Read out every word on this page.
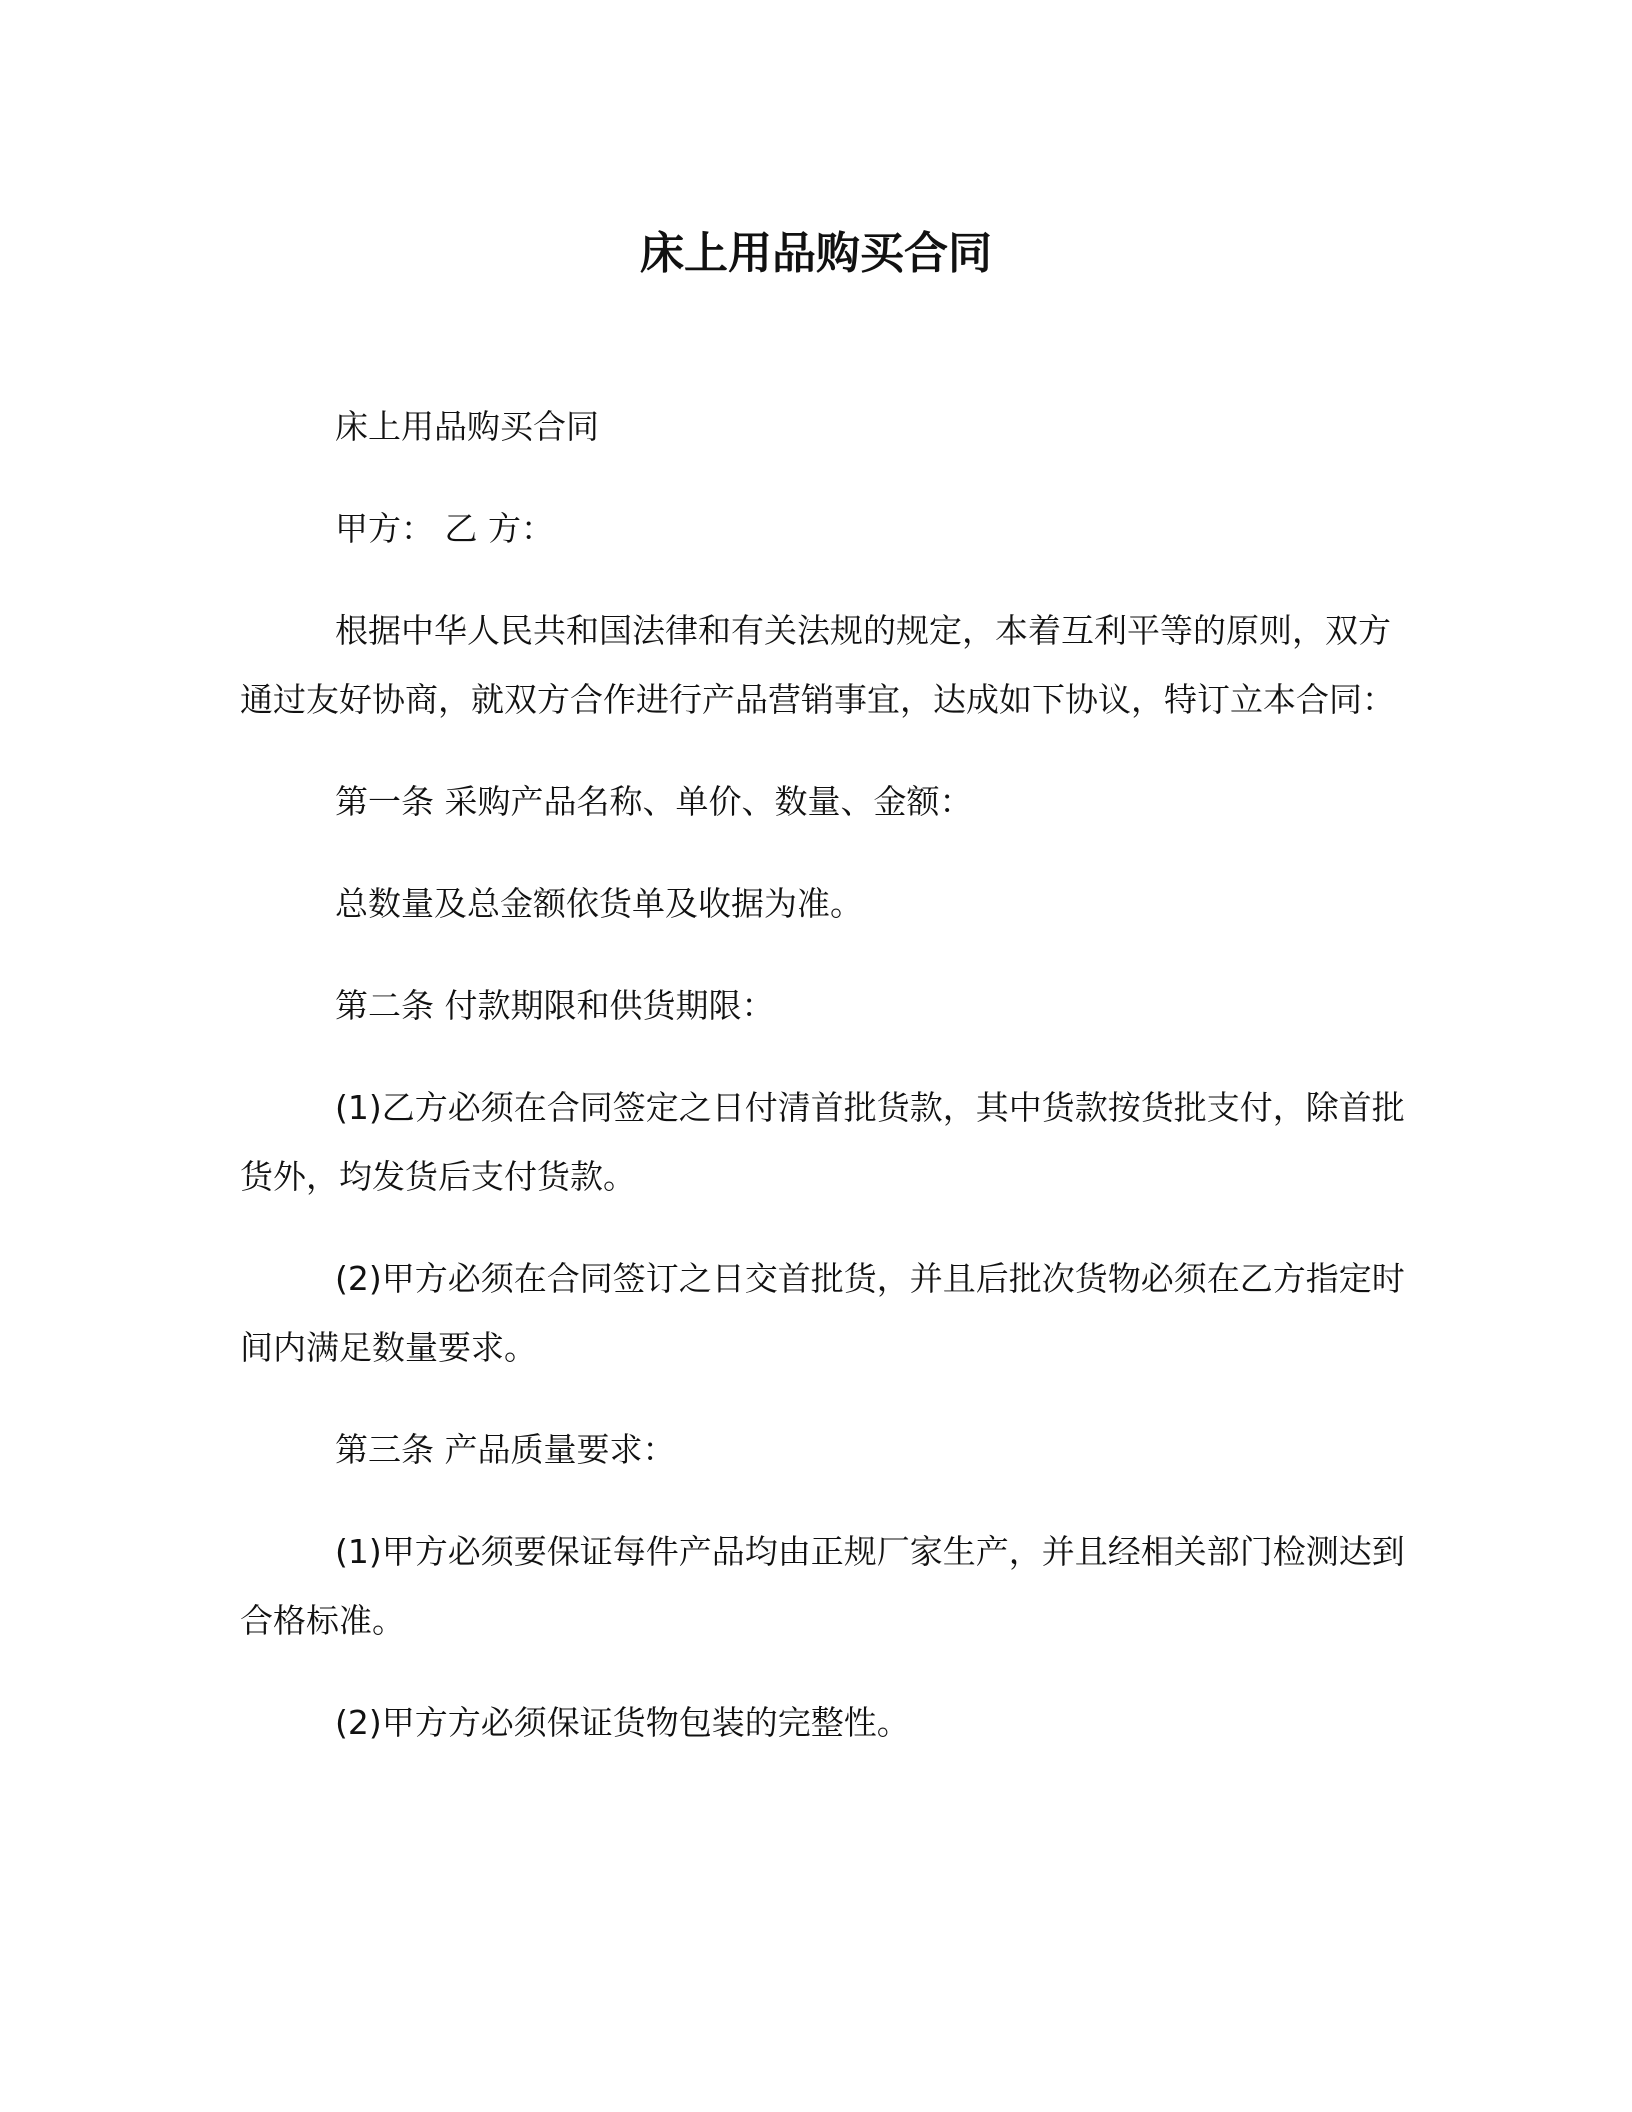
床上用品购买合同

床上用品购买合同

甲方： 乙 方：

根据中华人民共和国法律和有关法规的规定，本着互利平等的原则，双方通过友好协商，就双方合作进行产品营销事宜，达成如下协议，特订立本合同：

第一条 采购产品名称、单价、数量、金额：

总数量及总金额依货单及收据为准。

第二条 付款期限和供货期限：

(1)乙方必须在合同签定之日付清首批货款，其中货款按货批支付，除首批货外，均发货后支付货款。

(2)甲方必须在合同签订之日交首批货，并且后批次货物必须在乙方指定时间内满足数量要求。

第三条 产品质量要求：

(1)甲方必须要保证每件产品均由正规厂家生产，并且经相关部门检测达到合格标准。

(2)甲方方必须保证货物包装的完整性。
